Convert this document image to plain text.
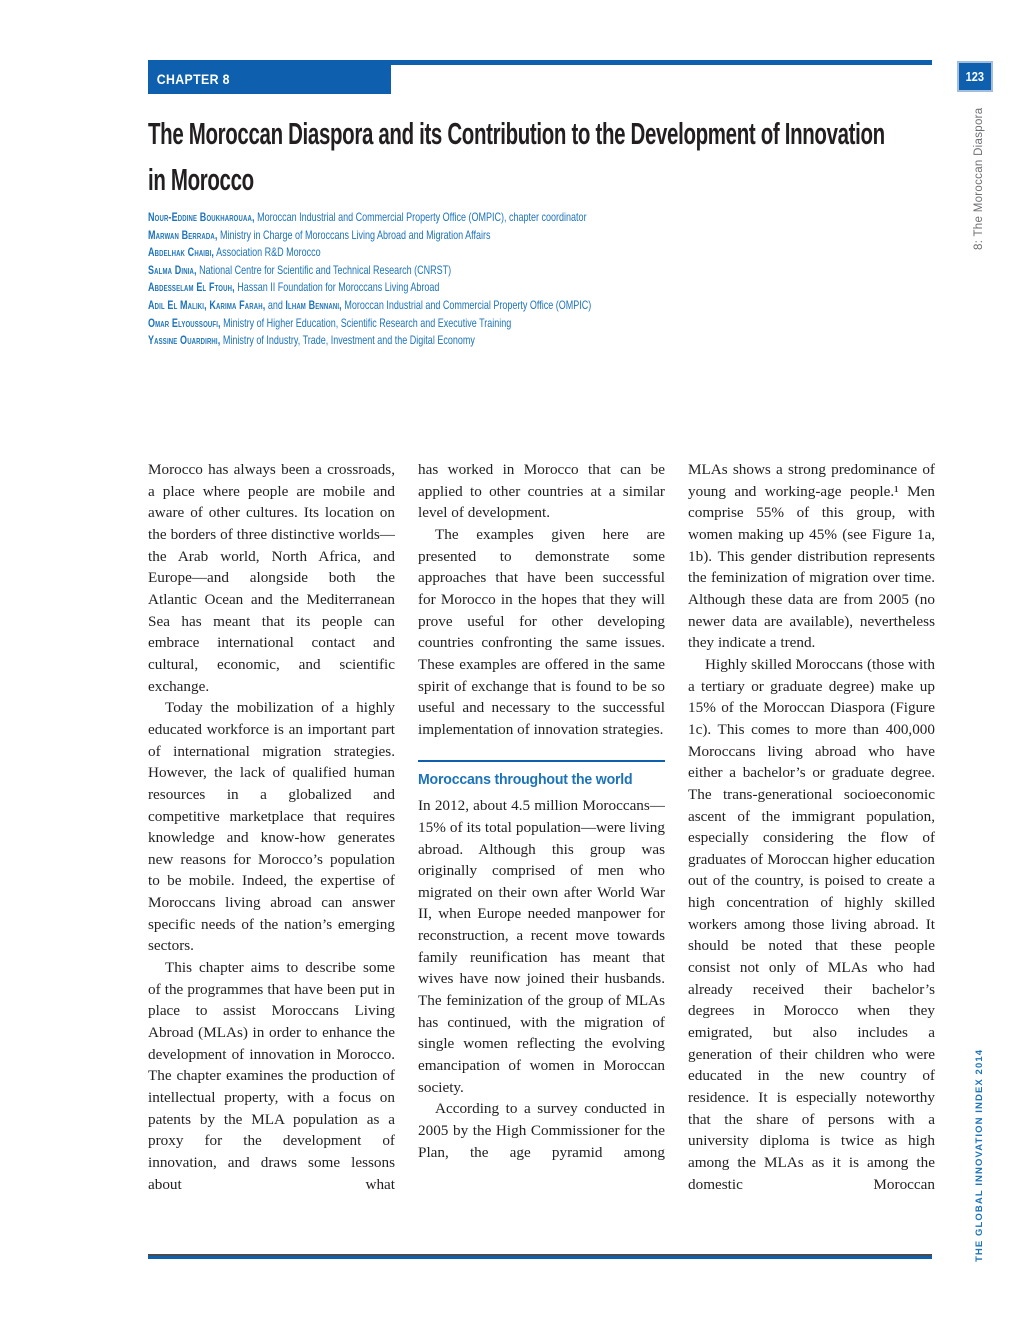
CHAPTER 8	123
The Moroccan Diaspora and its Contribution to the Development of Innovation
in Morocco
Nour-Eddine Boukharouaa, Moroccan Industrial and Commercial Property Office (OMPIC), chapter coordinator
Marwan Berrada, Ministry in Charge of Moroccans Living Abroad and Migration Affairs
Abdelhak Chaibi, Association R&D Morocco
Salma Dinia, National Centre for Scientific and Technical Research (CNRST)
Abdesselam El Ftouh, Hassan II Foundation for Moroccans Living Abroad
Adil El Maliki, Karima Farah, and Ilham Bennani, Moroccan Industrial and Commercial Property Office (OMPIC)
Omar Elyoussoufi, Ministry of Higher Education, Scientific Research and Executive Training
Yassine Ouardirhi, Ministry of Industry, Trade, Investment and the Digital Economy

Morocco has always been a crossroads, a place where people are mobile and aware of other cultures. Its location on the borders of three distinctive worlds—the Arab world, North Africa, and Europe—and alongside both the Atlantic Ocean and the Mediterranean Sea has meant that its people can embrace international contact and cultural, economic, and scientific exchange.

Today the mobilization of a highly educated workforce is an important part of international migration strategies. However, the lack of qualified human resources in a globalized and competitive marketplace that requires knowledge and know-how generates new reasons for Morocco’s population to be mobile. Indeed, the expertise of Moroccans living abroad can answer specific needs of the nation’s emerging sectors.

This chapter aims to describe some of the programmes that have been put in place to assist Moroccans Living Abroad (MLAs) in order to enhance the development of innovation in Morocco. The chapter examines the production of intellectual property, with a focus on patents by the MLA population as a proxy for the development of innovation, and draws some lessons about what

has worked in Morocco that can be applied to other countries at a similar level of development.

The examples given here are presented to demonstrate some approaches that have been successful for Morocco in the hopes that they will prove useful for other developing countries confronting the same issues. These examples are offered in the same spirit of exchange that is found to be so useful and necessary to the successful implementation of innovation strategies.

Moroccans throughout the world

In 2012, about 4.5 million Moroccans—15% of its total population—were living abroad. Although this group was originally comprised of men who migrated on their own after World War II, when Europe needed manpower for reconstruction, a recent move towards family reunification has meant that wives have now joined their husbands. The feminization of the group of MLAs has continued, with the migration of single women reflecting the evolving emancipation of women in Moroccan society.

According to a survey conducted in 2005 by the High Commissioner for the Plan, the age pyramid among

MLAs shows a strong predominance of young and working-age people.¹ Men comprise 55% of this group, with women making up 45% (see Figure 1a, 1b). This gender distribution represents the feminization of migration over time. Although these data are from 2005 (no newer data are available), nevertheless they indicate a trend.

Highly skilled Moroccans (those with a tertiary or graduate degree) make up 15% of the Moroccan Diaspora (Figure 1c). This comes to more than 400,000 Moroccans living abroad who have either a bachelor’s or graduate degree. The trans-generational socioeconomic ascent of the immigrant population, especially considering the flow of graduates of Moroccan higher education out of the country, is poised to create a high concentration of highly skilled workers among those living abroad. It should be noted that these people consist not only of MLAs who had already received their bachelor’s degrees in Morocco when they emigrated, but also includes a generation of their children who were educated in the new country of residence. It is especially noteworthy that the share of persons with a university diploma is twice as high among the MLAs as it is among the domestic Moroccan

8: The Moroccan Diaspora
THE GLOBAL INNOVATION INDEX 2014
